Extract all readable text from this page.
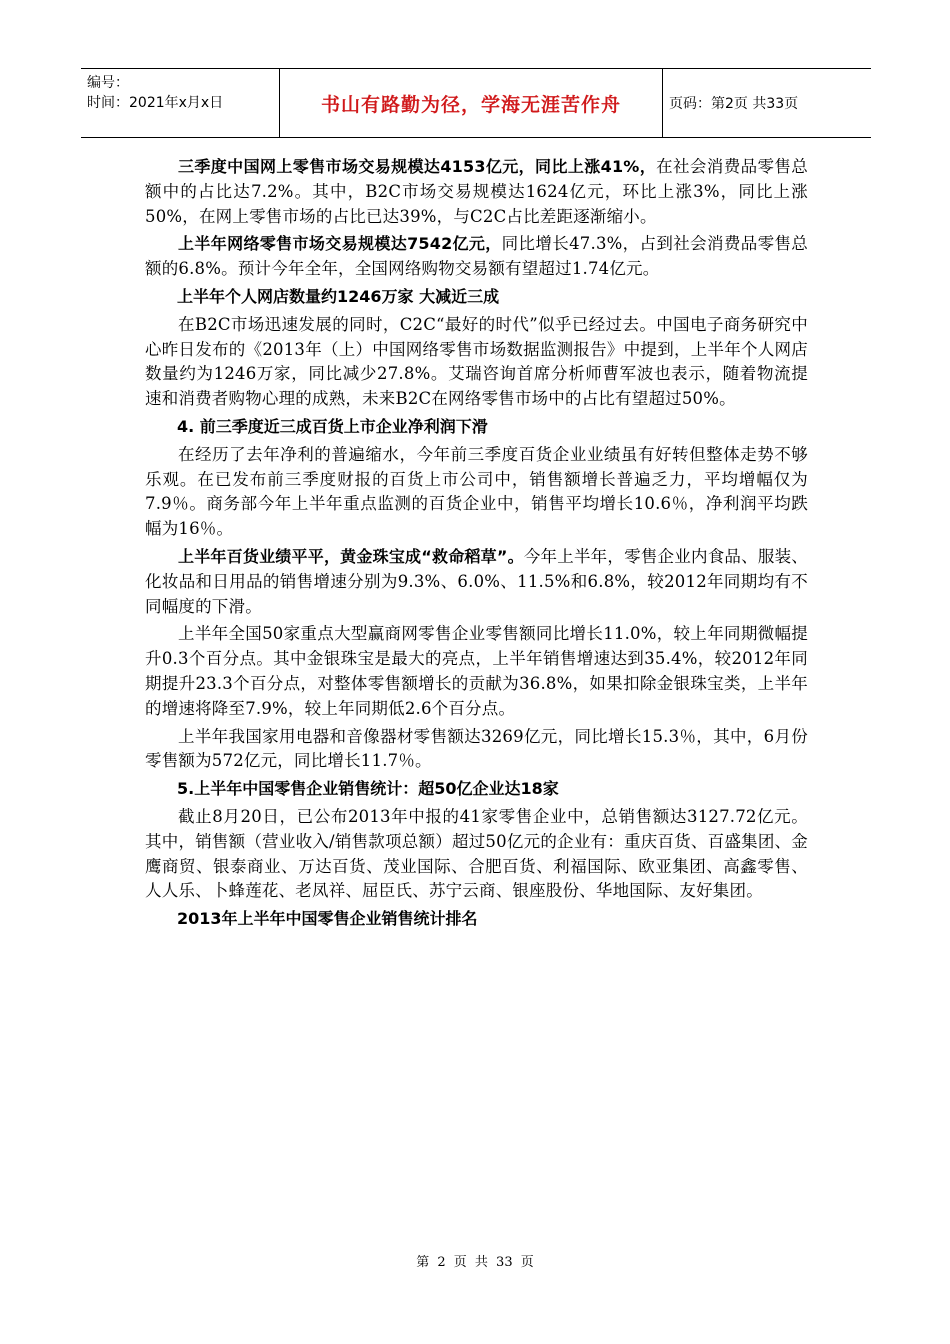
编号：
时间：2021年x月x日	书山有路勤为径，学海无涯苦作舟	页码：第2页 共33页

三季度中国网上零售市场交易规模达4153亿元，同比上涨41%，在社会消费品零售总额中的占比达7.2%。其中，B2C市场交易规模达1624亿元，环比上涨3%，同比上涨50%，在网上零售市场的占比已达39%，与C2C占比差距逐渐缩小。

上半年网络零售市场交易规模达7542亿元，同比增长47.3%，占到社会消费品零售总额的6.8%。预计今年全年，全国网络购物交易额有望超过1.74亿元。

上半年个人网店数量约1246万家 大减近三成

在B2C市场迅速发展的同时，C2C“最好的时代”似乎已经过去。中国电子商务研究中心昨日发布的《2013年（上）中国网络零售市场数据监测报告》中提到，上半年个人网店数量约为1246万家，同比减少27.8%。艾瑞咨询首席分析师曹军波也表示，随着物流提速和消费者购物心理的成熟，未来B2C在网络零售市场中的占比有望超过50%。

4. 前三季度近三成百货上市企业净利润下滑

在经历了去年净利的普遍缩水，今年前三季度百货企业业绩虽有好转但整体走势不够乐观。在已发布前三季度财报的百货上市公司中，销售额增长普遍乏力，平均增幅仅为7.9％。商务部今年上半年重点监测的百货企业中，销售平均增长10.6％，净利润平均跌幅为16％。

上半年百货业绩平平，黄金珠宝成“救命稻草”。今年上半年，零售企业内食品、服装、化妆品和日用品的销售增速分别为9.3%、6.0%、11.5%和6.8%，较2012年同期均有不同幅度的下滑。

上半年全国50家重点大型赢商网零售企业零售额同比增长11.0%，较上年同期微幅提升0.3个百分点。其中金银珠宝是最大的亮点，上半年销售增速达到35.4%，较2012年同期提升23.3个百分点，对整体零售额增长的贡献为36.8%，如果扣除金银珠宝类，上半年的增速将降至7.9%，较上年同期低2.6个百分点。

上半年我国家用电器和音像器材零售额达3269亿元，同比增长15.3％，其中，6月份零售额为572亿元，同比增长11.7％。

5.上半年中国零售企业销售统计：超50亿企业达18家

截止8月20日，已公布2013年中报的41家零售企业中，总销售额达3127.72亿元。其中，销售额（营业收入/销售款项总额）超过50亿元的企业有：重庆百货、百盛集团、金鹰商贸、银泰商业、万达百货、茂业国际、合肥百货、利福国际、欧亚集团、高鑫零售、人人乐、卜蜂莲花、老凤祥、屈臣氏、苏宁云商、银座股份、华地国际、友好集团。

2013年上半年中国零售企业销售统计排名

第 2 页 共 33 页
